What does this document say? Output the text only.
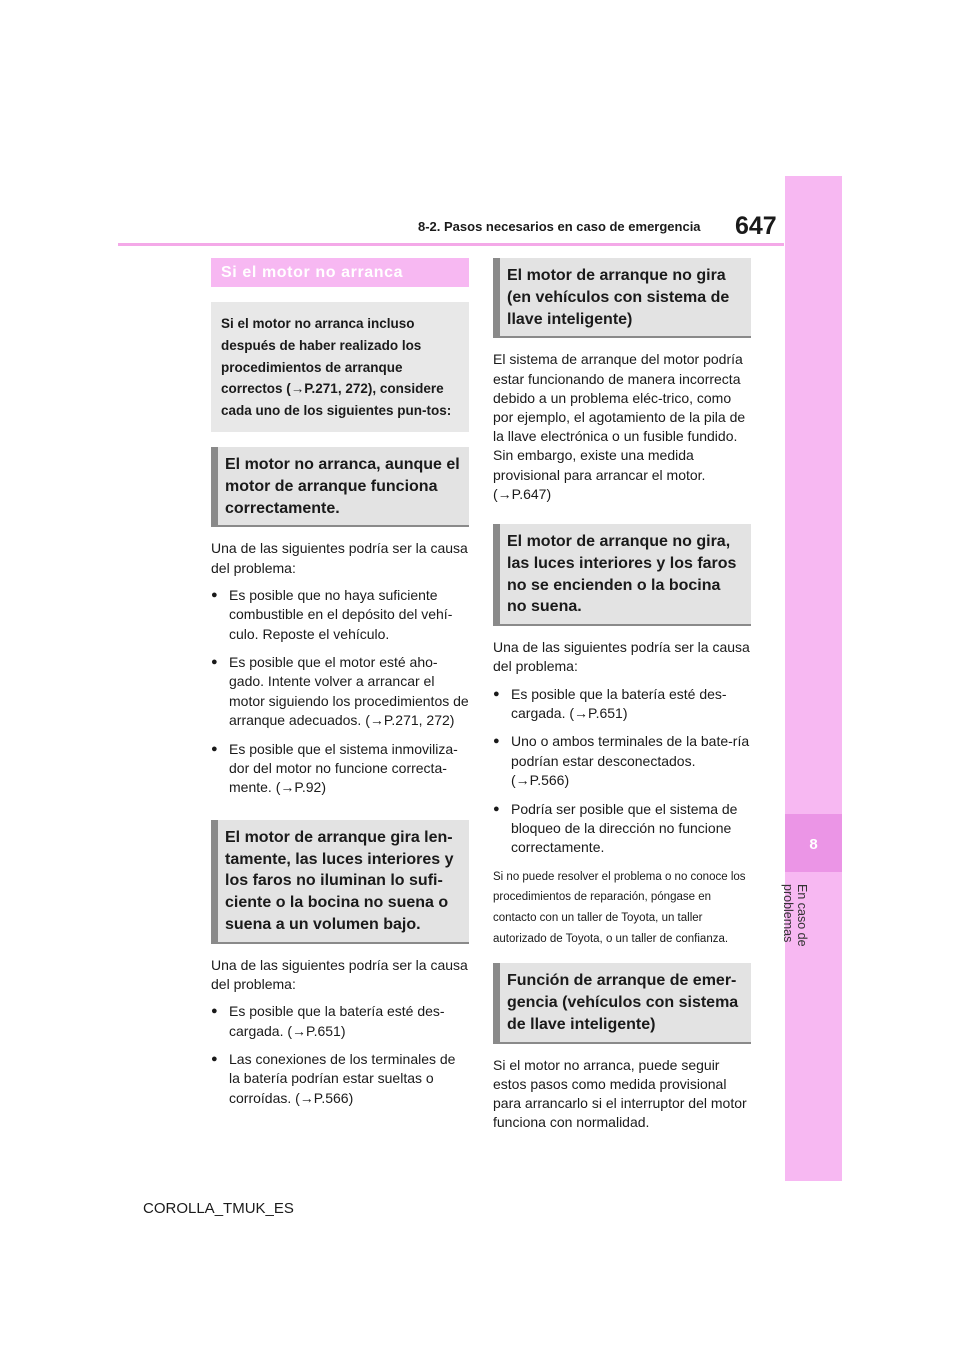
647
8-2. Pasos necesarios en caso de emergencia
8
En caso de problemas
Si el motor no arranca
Si el motor no arranca incluso después de haber realizado los procedimientos de arranque correctos (→P.271, 272), considere cada uno de los siguientes pun-tos:
El motor no arranca, aunque el motor de arranque funciona correctamente.

Una de las siguientes podría ser la causa del problema:

● Es posible que no haya suficiente combustible en el depósito del vehí-culo. Reposte el vehículo.
● Es posible que el motor esté aho-gado. Intente volver a arrancar el motor siguiendo los procedimientos de arranque adecuados. (→P.271, 272)
● Es posible que el sistema inmoviliza-dor del motor no funcione correcta-mente. (→P.92)
El motor de arranque gira len-tamente, las luces interiores y los faros no iluminan lo sufi-ciente o la bocina no suena o suena a un volumen bajo.

Una de las siguientes podría ser la causa del problema:

● Es posible que la batería esté des-cargada. (→P.651)
● Las conexiones de los terminales de la batería podrían estar sueltas o corroídas. (→P.566)
El motor de arranque no gira (en vehículos con sistema de llave inteligente)

El sistema de arranque del motor podría estar funcionando de manera incorrecta debido a un problema eléc-trico, como por ejemplo, el agotamiento de la pila de la llave electrónica o un fusible fundido. Sin embargo, existe una medida provisional para arrancar el motor. (→P.647)

El motor de arranque no gira, las luces interiores y los faros no se encienden o la bocina no suena.

Una de las siguientes podría ser la causa del problema:

● Es posible que la batería esté des-cargada. (→P.651)
● Uno o ambos terminales de la bate-ría podrían estar desconectados. (→P.566)
● Podría ser posible que el sistema de bloqueo de la dirección no funcione correctamente.

Si no puede resolver el problema o no conoce los procedimientos de reparación, póngase en contacto con un taller de Toyota, un taller autorizado de Toyota, o un taller de confianza.

Función de arranque de emer-gencia (vehículos con sistema de llave inteligente)

Si el motor no arranca, puede seguir estos pasos como medida provisional para arrancarlo si el interruptor del motor funciona con normalidad.

COROLLA_TMUK_ES
